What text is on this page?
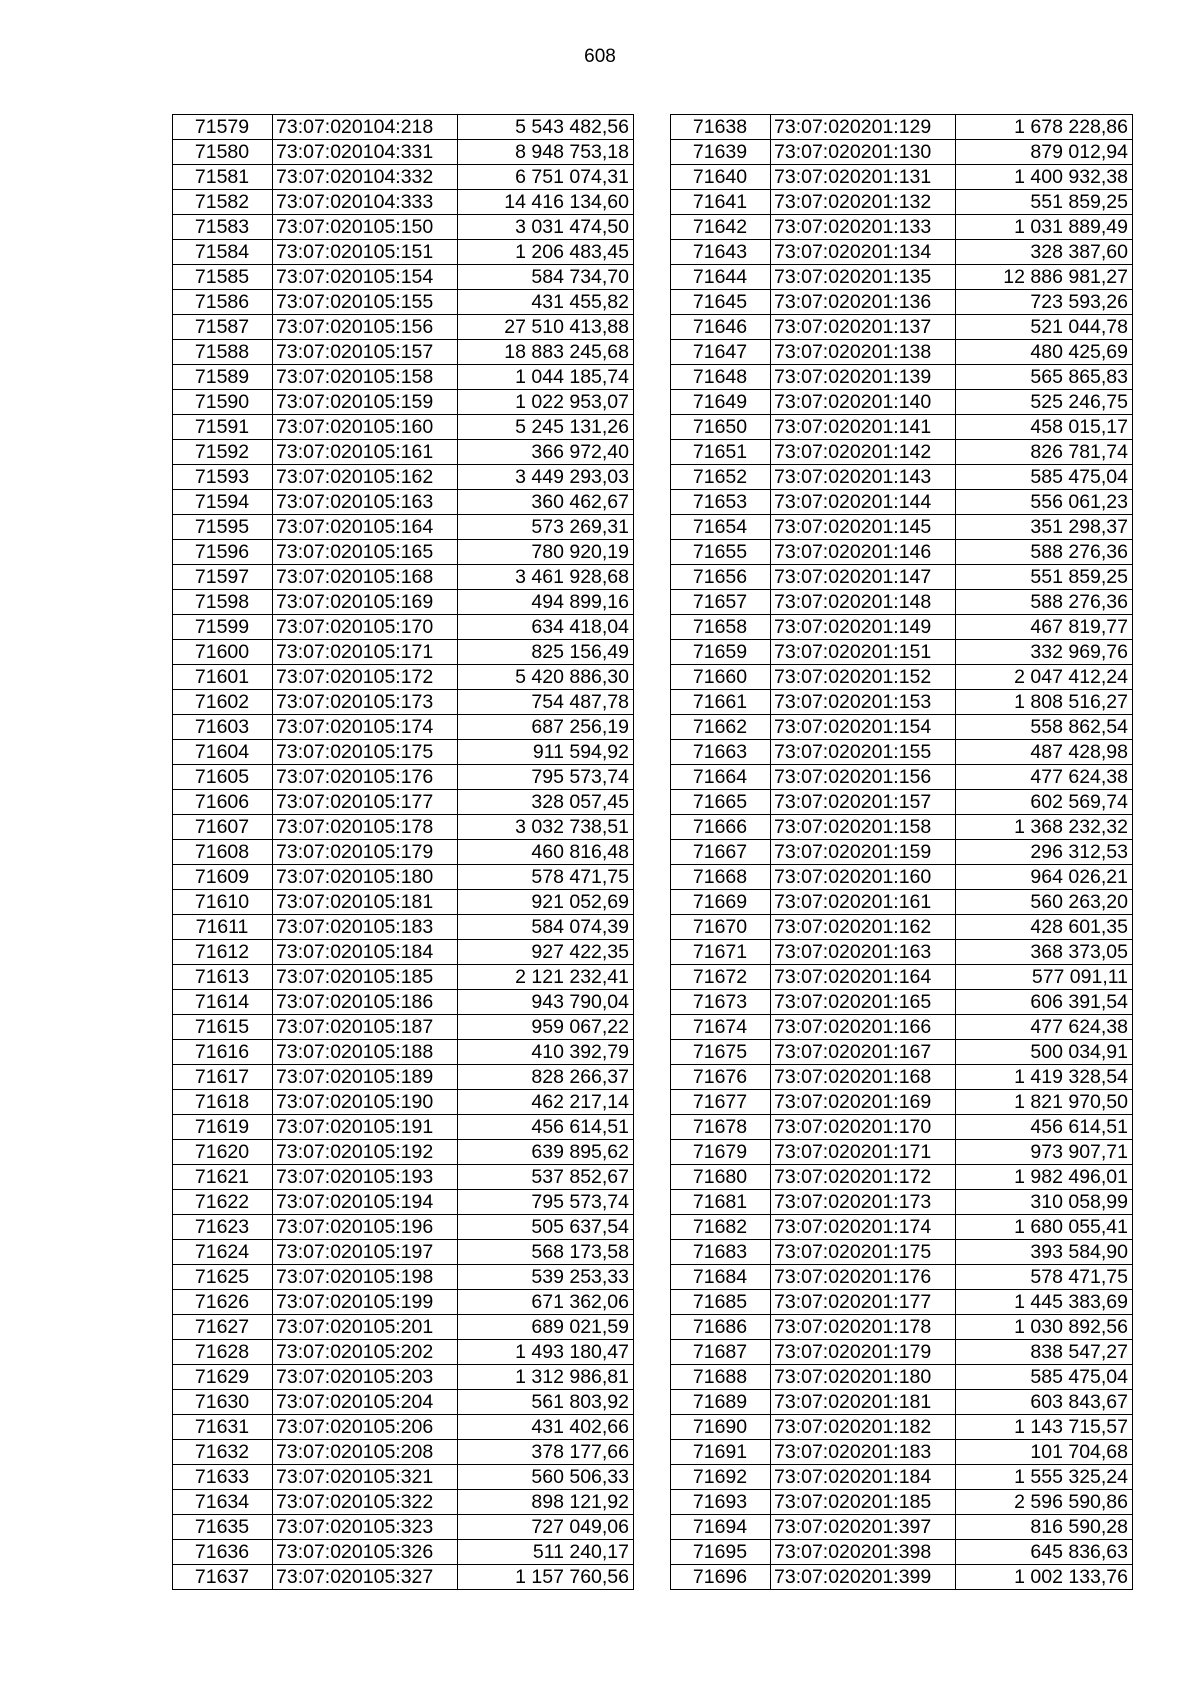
608
71579	73:07:020104:218	5 543 482,56
71580	73:07:020104:331	8 948 753,18
71581	73:07:020104:332	6 751 074,31
71582	73:07:020104:333	14 416 134,60
71583	73:07:020105:150	3 031 474,50
71584	73:07:020105:151	1 206 483,45
71585	73:07:020105:154	584 734,70
71586	73:07:020105:155	431 455,82
71587	73:07:020105:156	27 510 413,88
71588	73:07:020105:157	18 883 245,68
71589	73:07:020105:158	1 044 185,74
71590	73:07:020105:159	1 022 953,07
71591	73:07:020105:160	5 245 131,26
71592	73:07:020105:161	366 972,40
71593	73:07:020105:162	3 449 293,03
71594	73:07:020105:163	360 462,67
71595	73:07:020105:164	573 269,31
71596	73:07:020105:165	780 920,19
71597	73:07:020105:168	3 461 928,68
71598	73:07:020105:169	494 899,16
71599	73:07:020105:170	634 418,04
71600	73:07:020105:171	825 156,49
71601	73:07:020105:172	5 420 886,30
71602	73:07:020105:173	754 487,78
71603	73:07:020105:174	687 256,19
71604	73:07:020105:175	911 594,92
71605	73:07:020105:176	795 573,74
71606	73:07:020105:177	328 057,45
71607	73:07:020105:178	3 032 738,51
71608	73:07:020105:179	460 816,48
71609	73:07:020105:180	578 471,75
71610	73:07:020105:181	921 052,69
71611	73:07:020105:183	584 074,39
71612	73:07:020105:184	927 422,35
71613	73:07:020105:185	2 121 232,41
71614	73:07:020105:186	943 790,04
71615	73:07:020105:187	959 067,22
71616	73:07:020105:188	410 392,79
71617	73:07:020105:189	828 266,37
71618	73:07:020105:190	462 217,14
71619	73:07:020105:191	456 614,51
71620	73:07:020105:192	639 895,62
71621	73:07:020105:193	537 852,67
71622	73:07:020105:194	795 573,74
71623	73:07:020105:196	505 637,54
71624	73:07:020105:197	568 173,58
71625	73:07:020105:198	539 253,33
71626	73:07:020105:199	671 362,06
71627	73:07:020105:201	689 021,59
71628	73:07:020105:202	1 493 180,47
71629	73:07:020105:203	1 312 986,81
71630	73:07:020105:204	561 803,92
71631	73:07:020105:206	431 402,66
71632	73:07:020105:208	378 177,66
71633	73:07:020105:321	560 506,33
71634	73:07:020105:322	898 121,92
71635	73:07:020105:323	727 049,06
71636	73:07:020105:326	511 240,17
71637	73:07:020105:327	1 157 760,56
71638	73:07:020201:129	1 678 228,86
71639	73:07:020201:130	879 012,94
71640	73:07:020201:131	1 400 932,38
71641	73:07:020201:132	551 859,25
71642	73:07:020201:133	1 031 889,49
71643	73:07:020201:134	328 387,60
71644	73:07:020201:135	12 886 981,27
71645	73:07:020201:136	723 593,26
71646	73:07:020201:137	521 044,78
71647	73:07:020201:138	480 425,69
71648	73:07:020201:139	565 865,83
71649	73:07:020201:140	525 246,75
71650	73:07:020201:141	458 015,17
71651	73:07:020201:142	826 781,74
71652	73:07:020201:143	585 475,04
71653	73:07:020201:144	556 061,23
71654	73:07:020201:145	351 298,37
71655	73:07:020201:146	588 276,36
71656	73:07:020201:147	551 859,25
71657	73:07:020201:148	588 276,36
71658	73:07:020201:149	467 819,77
71659	73:07:020201:151	332 969,76
71660	73:07:020201:152	2 047 412,24
71661	73:07:020201:153	1 808 516,27
71662	73:07:020201:154	558 862,54
71663	73:07:020201:155	487 428,98
71664	73:07:020201:156	477 624,38
71665	73:07:020201:157	602 569,74
71666	73:07:020201:158	1 368 232,32
71667	73:07:020201:159	296 312,53
71668	73:07:020201:160	964 026,21
71669	73:07:020201:161	560 263,20
71670	73:07:020201:162	428 601,35
71671	73:07:020201:163	368 373,05
71672	73:07:020201:164	577 091,11
71673	73:07:020201:165	606 391,54
71674	73:07:020201:166	477 624,38
71675	73:07:020201:167	500 034,91
71676	73:07:020201:168	1 419 328,54
71677	73:07:020201:169	1 821 970,50
71678	73:07:020201:170	456 614,51
71679	73:07:020201:171	973 907,71
71680	73:07:020201:172	1 982 496,01
71681	73:07:020201:173	310 058,99
71682	73:07:020201:174	1 680 055,41
71683	73:07:020201:175	393 584,90
71684	73:07:020201:176	578 471,75
71685	73:07:020201:177	1 445 383,69
71686	73:07:020201:178	1 030 892,56
71687	73:07:020201:179	838 547,27
71688	73:07:020201:180	585 475,04
71689	73:07:020201:181	603 843,67
71690	73:07:020201:182	1 143 715,57
71691	73:07:020201:183	101 704,68
71692	73:07:020201:184	1 555 325,24
71693	73:07:020201:185	2 596 590,86
71694	73:07:020201:397	816 590,28
71695	73:07:020201:398	645 836,63
71696	73:07:020201:399	1 002 133,76
